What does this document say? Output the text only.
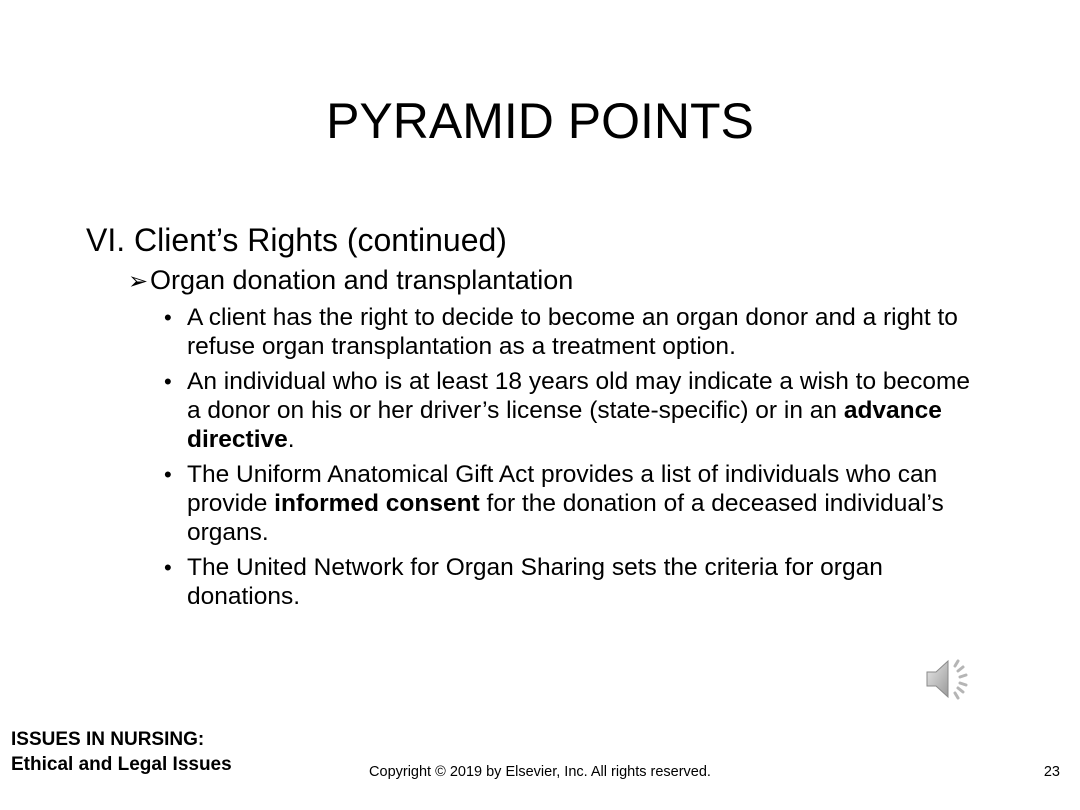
PYRAMID POINTS
VI. Client’s Rights (continued)
➢Organ donation and transplantation
• A client has the right to decide to become an organ donor and a right to refuse organ transplantation as a treatment option.
• An individual who is at least 18 years old may indicate a wish to become a donor on his or her driver’s license (state-specific) or in an advance directive.
• The Uniform Anatomical Gift Act provides a list of individuals who can provide informed consent for the donation of a deceased individual’s organs.
• The United Network for Organ Sharing sets the criteria for organ donations.
ISSUES IN NURSING:
Ethical and Legal Issues	Copyright © 2019 by Elsevier, Inc. All rights reserved.	23
